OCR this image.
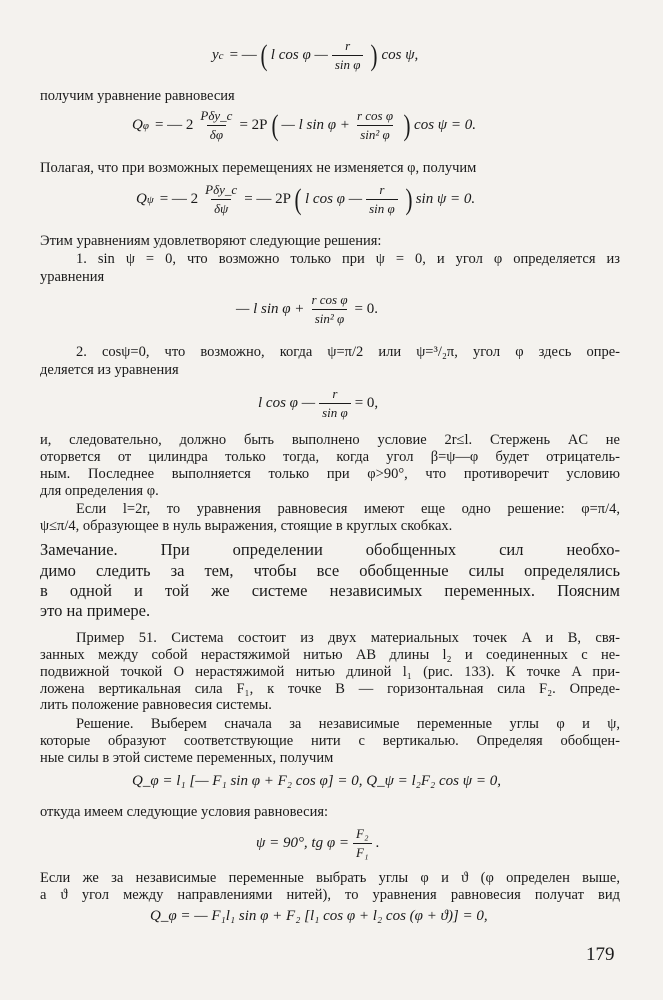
y c = — ( l cos φ — $\frac{r}{\text{sin φ}}$ ) cos ψ,
получим уравнение равновесия
Q φ = — $2 \frac{\text{Pδy\_c}}{\delta\varphi} = 2P$ ( — l $\sin \varphi + \frac{\text{r cos φ}}{\text{sin² φ}}$ ) cos ψ = 0.
Полагая, что при возможных перемещениях не изменяется φ, получим
Q ψ = — $2 \frac{\text{Pδy\_c}}{\delta\psi}$ = — 2P ( l cos φ — $\frac{r}{\text{sin φ}}$ ) sin ψ = 0.
Этим уравнениям удовлетворяют следующие решения:
1. sin ψ = 0, что возможно только при ψ = 0, и угол φ определяется из
уравнения
— l $\sin \varphi + \frac{\text{r cos φ}}{\text{sin² φ}} = 0$.
2. cosψ=0, что возможно, когда ψ=π/2 или ψ=³/₂π, угол φ здесь опре-
деляется из уравнения
l cos φ — $\frac{r}{\text{sin φ}} = 0$,
и, следовательно, должно быть выполнено условие 2r≤l. Стержень AC не
оторвется от цилиндра только тогда, когда угол β=ψ—φ будет отрицатель-
ным. Последнее выполняется только при φ>90°, что противоречит условию
для определения φ.
Если l=2r, то уравнения равновесия имеют еще одно решение: φ=π/4,
ψ≤π/4, образующее в нуль выражения, стоящие в круглых скобках.
Замечание. При определении обобщенных сил необхо-
димо следить за тем, чтобы все обобщенные силы определялись
в одной и той же системе независимых переменных. Поясним
это на примере.
Пример 51. Система состоит из двух материальных точек A и B, свя-
занных между собой нерастяжимой нитью AB длины l₂ и соединенных с не-
подвижной точкой O нерастяжимой нитью длиной l₁ (рис. 133). К точке A при-
ложена вертикальная сила F₁, к точке B — горизонтальная сила F₂. Опреде-
лить положение равновесия системы.
Решение. Выберем сначала за независимые переменные углы φ и ψ,
которые образуют соответствующие нити с вертикалью. Определяя обобщен-
ные силы в этой системе переменных, получим
Q_φ = l₁ [— F₁ sin φ + F₂ cos φ] = 0, Q_ψ = l₂F₂ cos ψ = 0,
откуда имеем следующие условия равновесия:
ψ = 90°, tg $\varphi = \frac{\text{F₂}}{\text{F₁}}$ .
Если же за независимые переменные выбрать углы φ и ϑ (φ определен выше,
а ϑ угол между направлениями нитей), то уравнения равновесия получат вид
Q_φ = — F₁l₁ sin φ + F₂ [l₁ cos φ + l₂ cos (φ + ϑ)] = 0,
179
